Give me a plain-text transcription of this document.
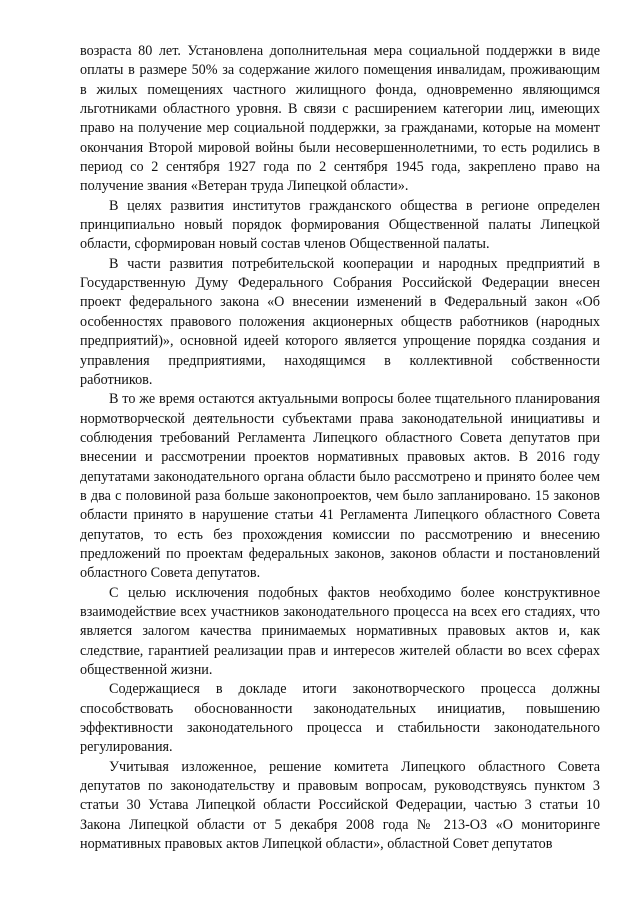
возраста 80 лет. Установлена дополнительная мера социальной поддержки в виде оплаты в размере 50% за содержание жилого помещения инвалидам, проживающим в жилых помещениях частного жилищного фонда, одновременно являющимся льготниками областного уровня. В связи с расширением категории лиц, имеющих право на получение мер социальной поддержки, за гражданами, которые на момент окончания Второй мировой войны были несовершеннолетними, то есть родились в период со 2 сентября 1927 года по 2 сентября 1945 года, закреплено право на получение звания «Ветеран труда Липецкой области».

В целях развития институтов гражданского общества в регионе определен принципиально новый порядок формирования Общественной палаты Липецкой области, сформирован новый состав членов Общественной палаты.

В части развития потребительской кооперации и народных предприятий в Государственную Думу Федерального Собрания Российской Федерации внесен проект федерального закона «О внесении изменений в Федеральный закон «Об особенностях правового положения акционерных обществ работников (народных предприятий)», основной идеей которого является упрощение порядка создания и управления предприятиями, находящимся в коллективной собственности работников.

В то же время остаются актуальными вопросы более тщательного планирования нормотворческой деятельности субъектами права законодательной инициативы и соблюдения требований Регламента Липецкого областного Совета депутатов при внесении и рассмотрении проектов нормативных правовых актов. В 2016 году депутатами законодательного органа области было рассмотрено и принято более чем в два с половиной раза больше законопроектов, чем было запланировано. 15 законов области принято в нарушение статьи 41 Регламента Липецкого областного Совета депутатов, то есть без прохождения комиссии по рассмотрению и внесению предложений по проектам федеральных законов, законов области и постановлений областного Совета депутатов.

С целью исключения подобных фактов необходимо более конструктивное взаимодействие всех участников законодательного процесса на всех его стадиях, что является залогом качества принимаемых нормативных правовых актов и, как следствие, гарантией реализации прав и интересов жителей области во всех сферах общественной жизни.

Содержащиеся в докладе итоги законотворческого процесса должны способствовать обоснованности законодательных инициатив, повышению эффективности законодательного процесса и стабильности законодательного регулирования.

Учитывая изложенное, решение комитета Липецкого областного Совета депутатов по законодательству и правовым вопросам, руководствуясь пунктом 3 статьи 30 Устава Липецкой области Российской Федерации, частью 3 статьи 10 Закона Липецкой области от 5 декабря 2008 года № 213-ОЗ «О мониторинге нормативных правовых актов Липецкой области», областной Совет депутатов
